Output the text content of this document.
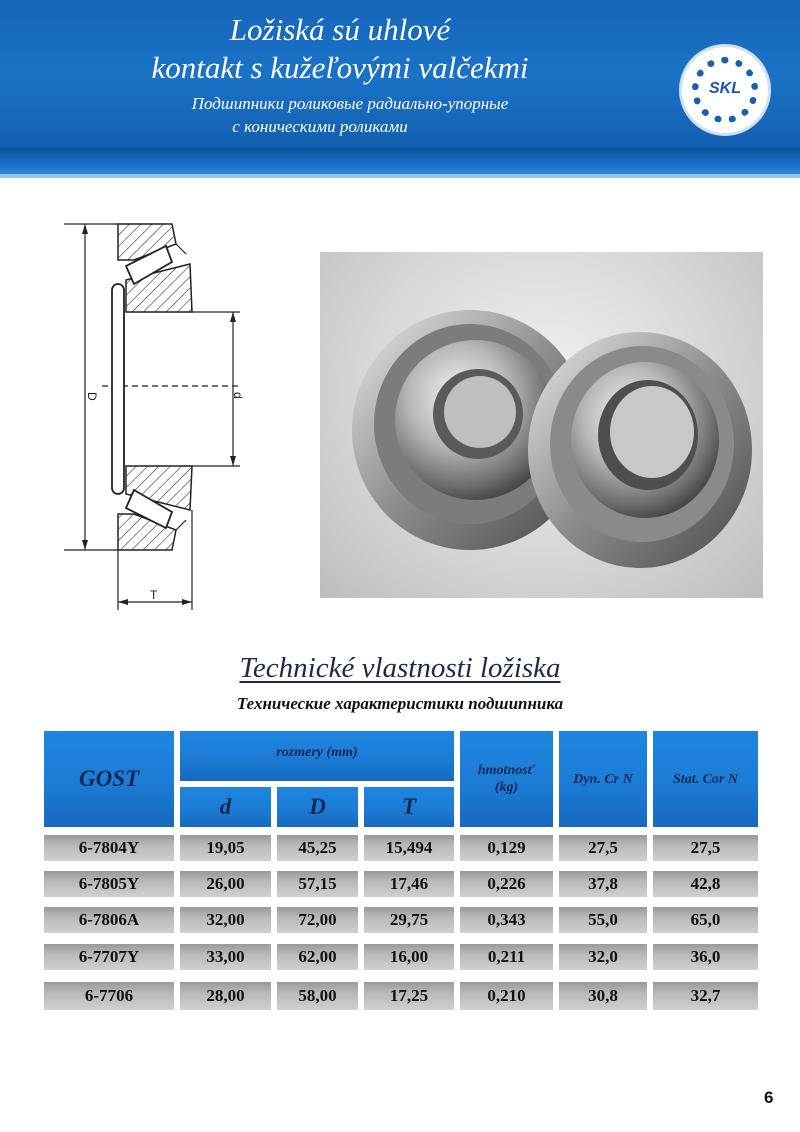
Ložiská sú uhlové
kontakt s kužeľovými valčekmi
Подшипники роликовые радиально-упорные
с коническими роликами
SKL
D	d
T
Technické vlastnosti ložiska
Технические характеристики подшипника
GOST
rozmery (mm)
d	D	T
hmotnosť
(kg)
Dyn. Cr N	Stat. Cor N
6-7804Y	19,05	45,25	15,494	0,129	27,5	27,5
6-7805Y	26,00	57,15	17,46	0,226	37,8	42,8
6-7806A	32,00	72,00	29,75	0,343	55,0	65,0
6-7707Y	33,00	62,00	16,00	0,211	32,0	36,0
6-7706	28,00	58,00	17,25	0,210	30,8	32,7
6
